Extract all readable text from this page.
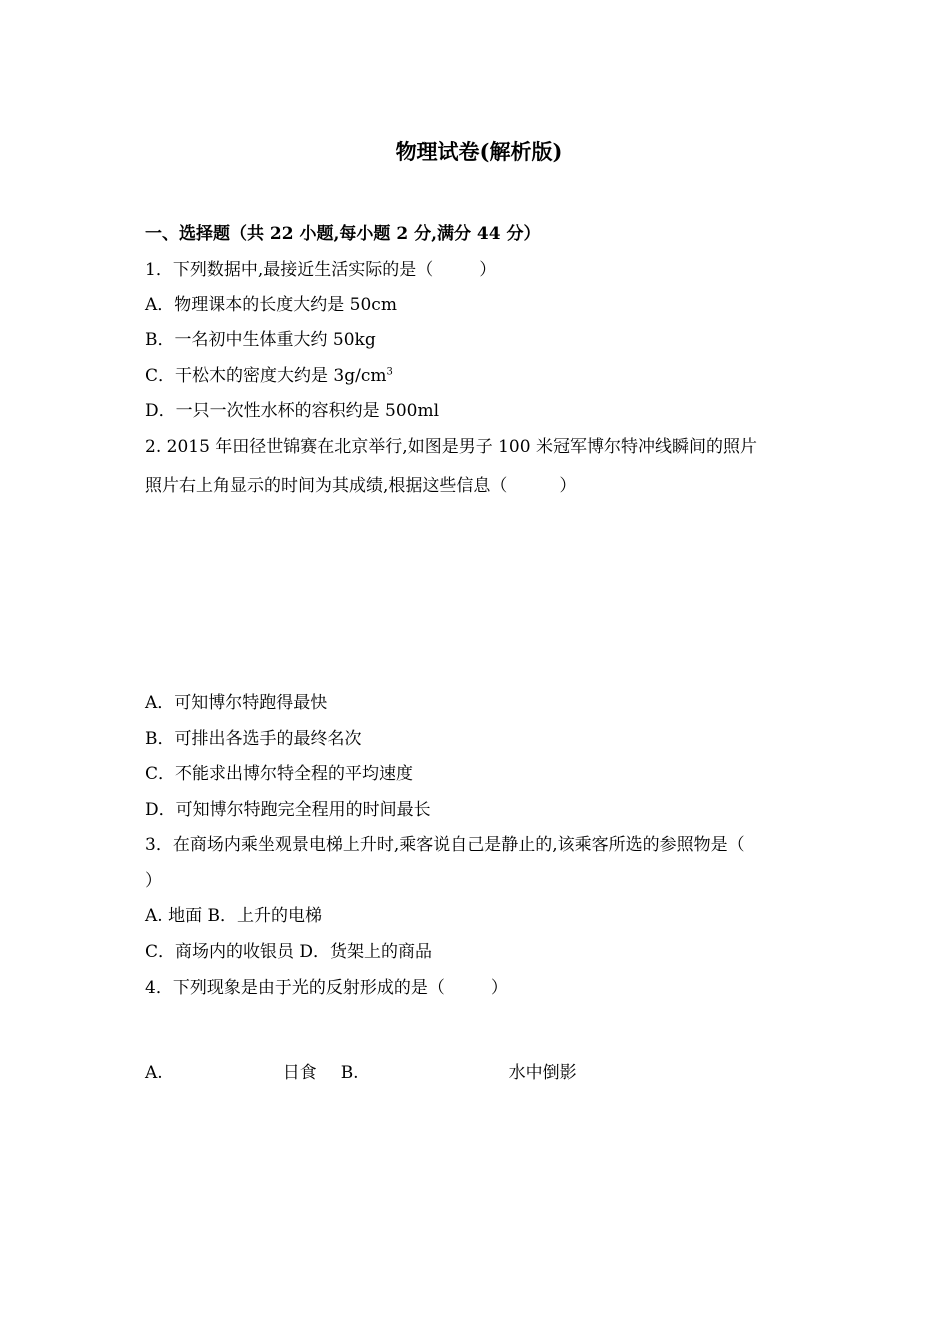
物理试卷(解析版)
一、选择题（共 22 小题,每小题 2 分,满分 44 分）
1．下列数据中,最接近生活实际的是（	）
A．物理课本的长度大约是 50cm
B．一名初中生体重大约 50kg
C．干松木的密度大约是 $3g/cm^3$
D．一只一次性水杯的容积约是 500ml
2. 2015 年田径世锦赛在北京举行,如图是男子 100 米冠军博尔特冲线瞬间的照片
照片右上角显示的时间为其成绩,根据这些信息（	）
A．可知博尔特跑得最快
B．可排出各选手的最终名次
C．不能求出博尔特全程的平均速度
D．可知博尔特跑完全程用的时间最长
3．在商场内乘坐观景电梯上升时,乘客说自己是静止的,该乘客所选的参照物是（
）
A. 地面 B．上升的电梯
C．商场内的收银员 D．货架上的商品
4．下列现象是由于光的反射形成的是（	）
A.	日食 B.	水中倒影
